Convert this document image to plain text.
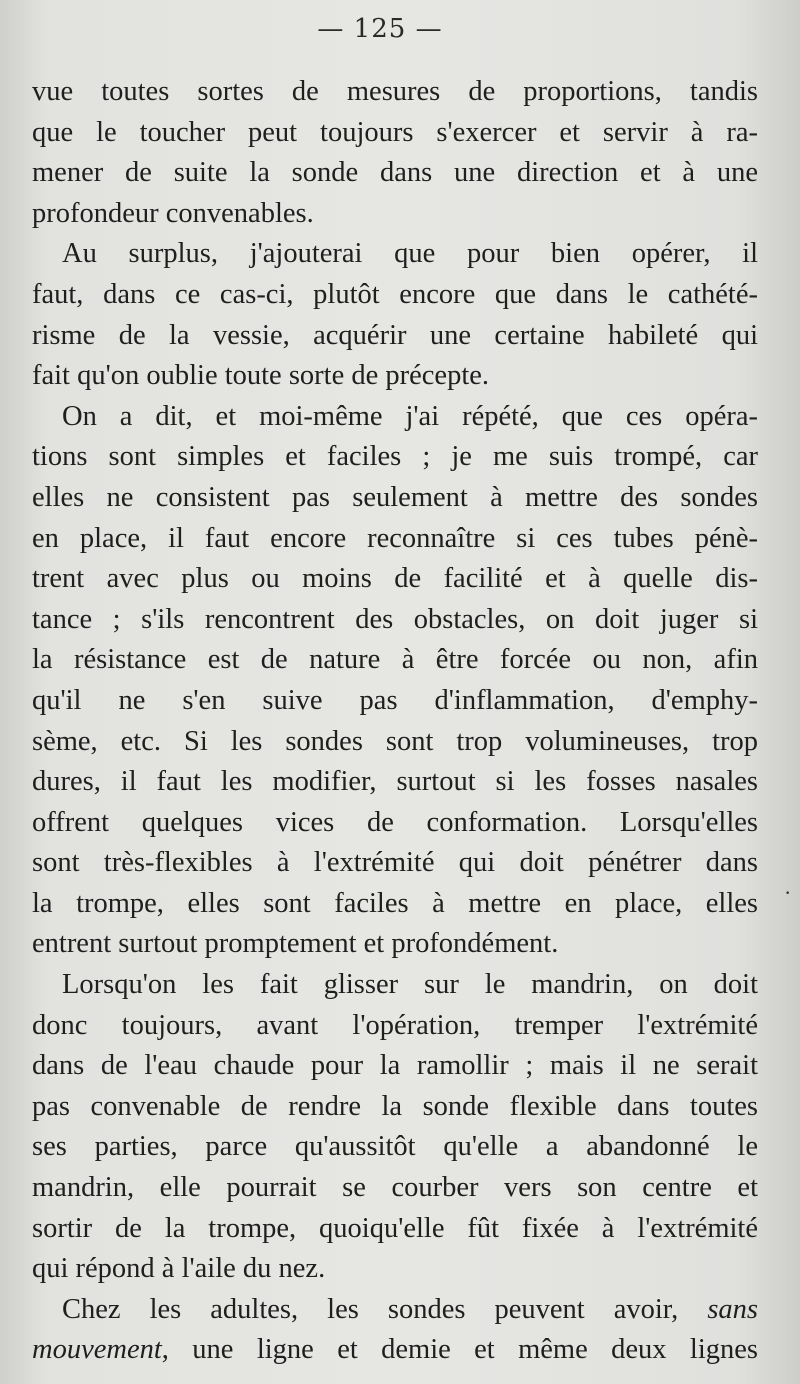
— 125 —
vue toutes sortes de mesures de proportions, tandis
que le toucher peut toujours s'exercer et servir à ra-
mener de suite la sonde dans une direction et à une
profondeur convenables.
Au surplus, j'ajouterai que pour bien opérer, il
faut, dans ce cas-ci, plutôt encore que dans le cathété-
risme de la vessie, acquérir une certaine habileté qui
fait qu'on oublie toute sorte de précepte.
On a dit, et moi-même j'ai répété, que ces opéra-
tions sont simples et faciles ; je me suis trompé, car
elles ne consistent pas seulement à mettre des sondes
en place, il faut encore reconnaître si ces tubes pénè-
trent avec plus ou moins de facilité et à quelle dis-
tance ; s'ils rencontrent des obstacles, on doit juger si
la résistance est de nature à être forcée ou non, afin
qu'il ne s'en suive pas d'inflammation, d'emphy-
sème, etc. Si les sondes sont trop volumineuses, trop
dures, il faut les modifier, surtout si les fosses nasales
offrent quelques vices de conformation. Lorsqu'elles
sont très-flexibles à l'extrémité qui doit pénétrer dans
la trompe, elles sont faciles à mettre en place, elles
entrent surtout promptement et profondément.
Lorsqu'on les fait glisser sur le mandrin, on doit
donc toujours, avant l'opération, tremper l'extrémité
dans de l'eau chaude pour la ramollir ; mais il ne serait
pas convenable de rendre la sonde flexible dans toutes
ses parties, parce qu'aussitôt qu'elle a abandonné le
mandrin, elle pourrait se courber vers son centre et
sortir de la trompe, quoiqu'elle fût fixée à l'extrémité
qui répond à l'aile du nez.
Chez les adultes, les sondes peuvent avoir, sans
mouvement, une ligne et demie et même deux lignes
·
